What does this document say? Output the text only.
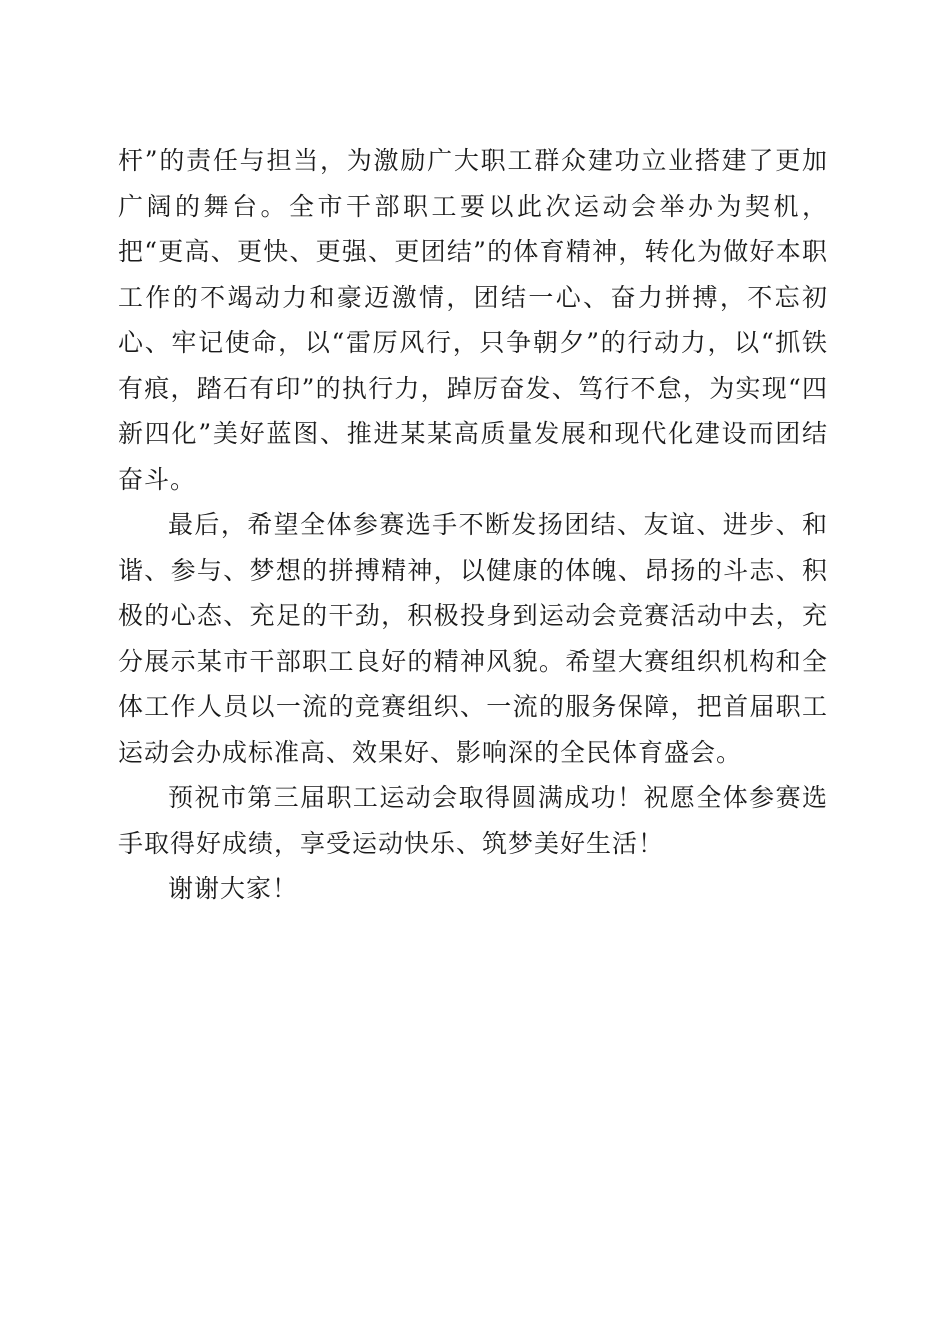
杆”的责任与担当，为激励广大职工群众建功立业搭建了更加广阔的舞台。全市干部职工要以此次运动会举办为契机，把“更高、更快、更强、更团结”的体育精神，转化为做好本职工作的不竭动力和豪迈激情，团结一心、奋力拼搏，不忘初心、牢记使命，以“雷厉风行，只争朝夕”的行动力，以“抓铁有痕，踏石有印”的执行力，踔厉奋发、笃行不怠，为实现“四新四化”美好蓝图、推进某某高质量发展和现代化建设而团结奋斗。

最后，希望全体参赛选手不断发扬团结、友谊、进步、和谐、参与、梦想的拼搏精神，以健康的体魄、昂扬的斗志、积极的心态、充足的干劲，积极投身到运动会竞赛活动中去，充分展示某市干部职工良好的精神风貌。希望大赛组织机构和全体工作人员以一流的竞赛组织、一流的服务保障，把首届职工运动会办成标准高、效果好、影响深的全民体育盛会。

预祝市第三届职工运动会取得圆满成功！祝愿全体参赛选手取得好成绩，享受运动快乐、筑梦美好生活！

谢谢大家！
